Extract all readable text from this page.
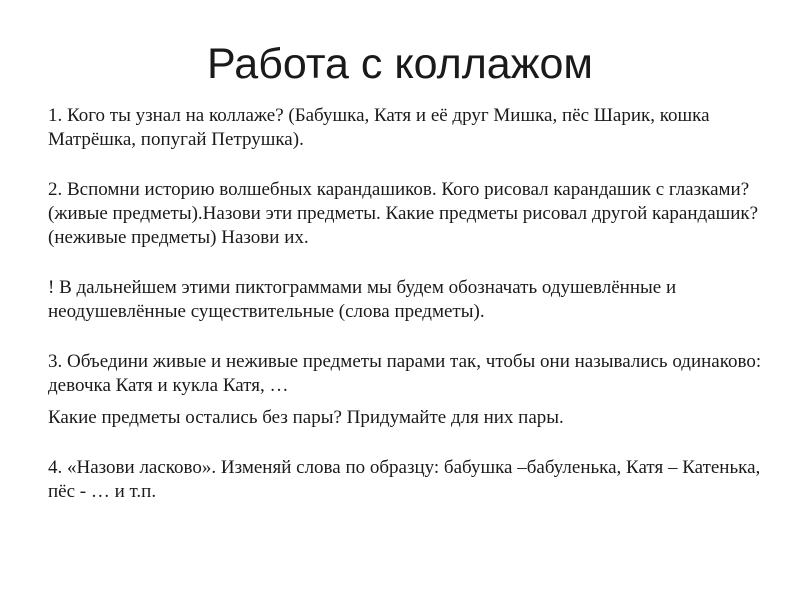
Работа с коллажом

1. Кого ты узнал на коллаже? (Бабушка, Катя и её друг Мишка, пёс Шарик, кошка Матрёшка, попугай Петрушка).

2. Вспомни историю волшебных карандашиков. Кого рисовал карандашик с глазками? (живые предметы).Назови эти предметы. Какие предметы рисовал другой карандашик? (неживые предметы) Назови их.

! В дальнейшем этими пиктограммами мы будем обозначать одушевлённые и неодушевлённые существительные (слова предметы).

3. Объедини живые и неживые предметы парами так, чтобы они назывались одинаково: девочка Катя и кукла Катя, …

Какие предметы остались без пары? Придумайте для них пары.

4. «Назови ласково». Изменяй слова по образцу: бабушка –бабуленька, Катя – Катенька, пёс - … и т.п.
